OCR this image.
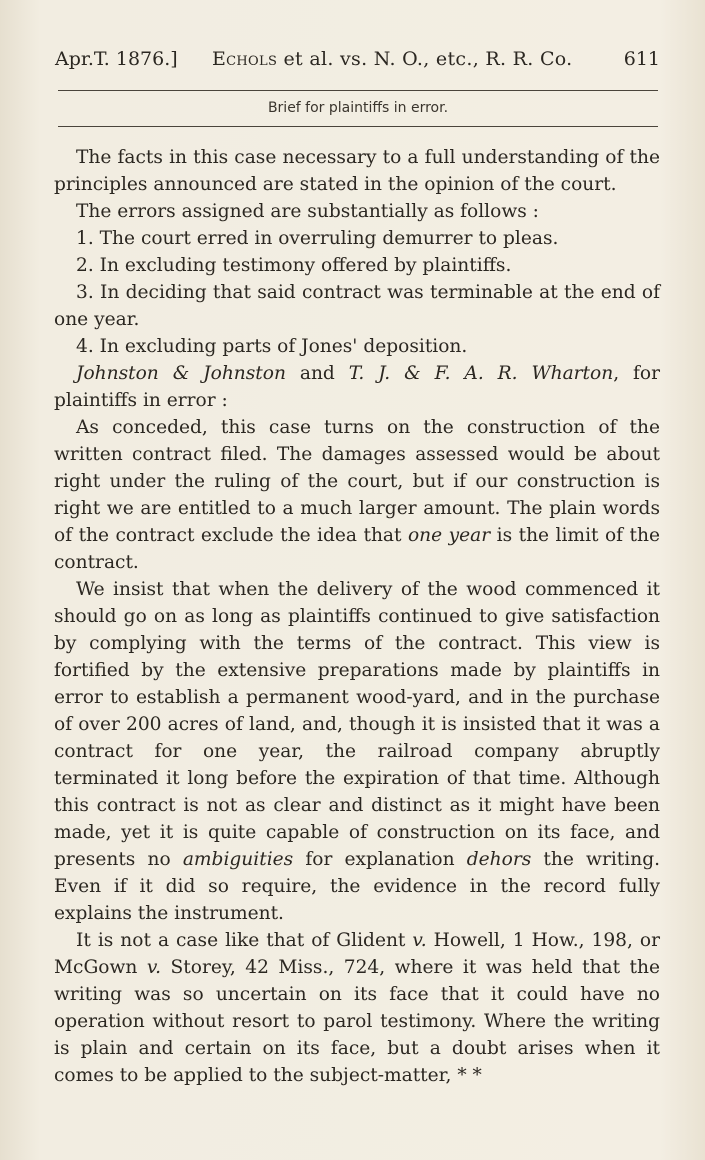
Apr.T. 1876.] Echols et al. vs. N. O., etc., R. R. Co.	611
Brief for plaintiffs in error.

The facts in this case necessary to a full understanding of the principles announced are stated in the opinion of the court.

The errors assigned are substantially as follows :

1. The court erred in overruling demurrer to pleas.

2. In excluding testimony offered by plaintiffs.

3. In deciding that said contract was terminable at the end of one year.

4. In excluding parts of Jones' deposition.

Johnston & Johnston and T. J. & F. A. R. Wharton, for plaintiffs in error :

As conceded, this case turns on the construction of the written contract filed. The damages assessed would be about right under the ruling of the court, but if our construction is right we are entitled to a much larger amount. The plain words of the contract exclude the idea that one year is the limit of the contract.

We insist that when the delivery of the wood commenced it should go on as long as plaintiffs continued to give satisfaction by complying with the terms of the contract. This view is fortified by the extensive preparations made by plaintiffs in error to establish a permanent wood-yard, and in the purchase of over 200 acres of land, and, though it is insisted that it was a contract for one year, the railroad company abruptly terminated it long before the expiration of that time. Although this contract is not as clear and distinct as it might have been made, yet it is quite capable of construction on its face, and presents no ambiguities for explanation dehors the writing. Even if it did so require, the evidence in the record fully explains the instrument.

It is not a case like that of Glident v. Howell, 1 How., 198, or McGown v. Storey, 42 Miss., 724, where it was held that the writing was so uncertain on its face that it could have no operation without resort to parol testimony. Where the writing is plain and certain on its face, but a doubt arises when it comes to be applied to the subject-matter, * *
